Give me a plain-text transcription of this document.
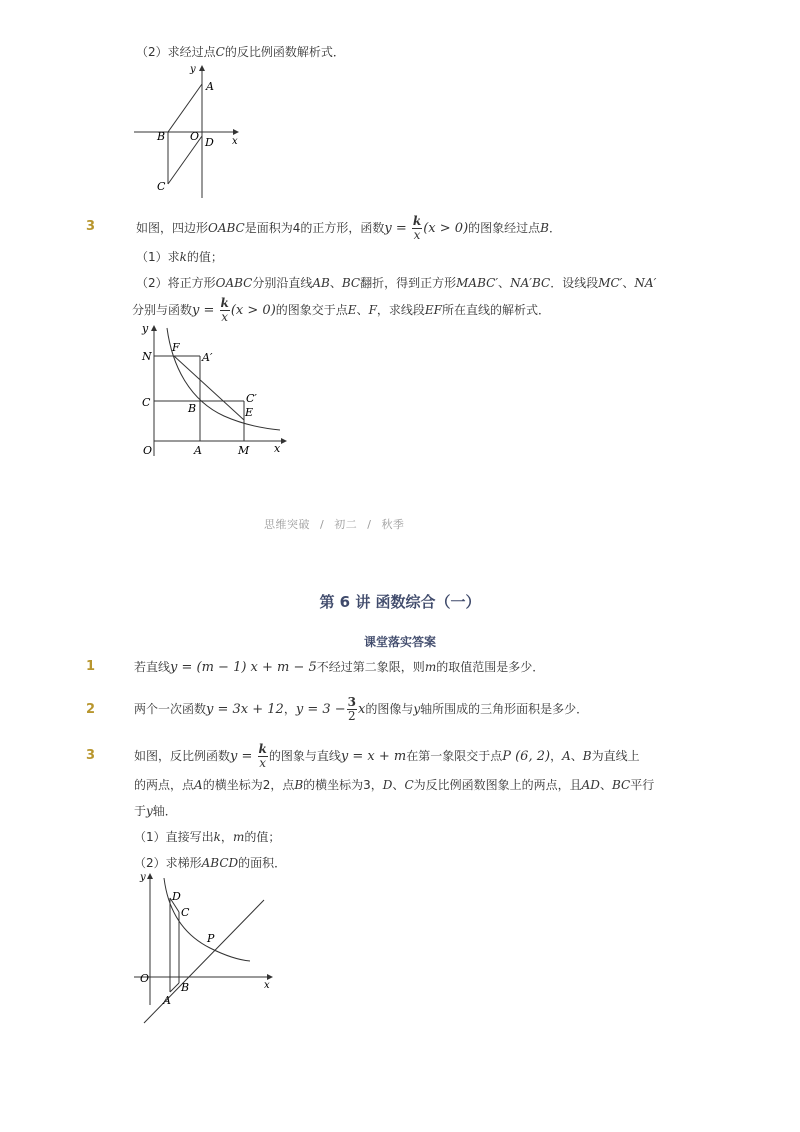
（2）求经过点C的反比例函数解析式．
y
A
B O D x
C
3	如图，四边形OABC是面积为4的正方形，函数$y = \frac{k}{x} (x > 0)$的图象经过点B．
（1）求k的值；
（2）将正方形OABC分别沿直线AB、BC翻折，得到正方形MABC′、NA′BC．设线段MC′、NA′
分别与函数$y = \frac{k}{x} (x > 0)$的图象交于点E、F，求线段EF所在直线的解析式．
y
N
F
A′
C	B
C′
E
O	A	M x
思维突破 / 初二 / 秋季
第 6 讲 函数综合（一）
课堂落实答案
1	若直线y = (m − 1) x + m − 5不经过第二象限，则m的取值范围是多少．
2	两个一次函数y = 3x + 12，$y = 3 - \frac{3}{2}$ x的图像与y轴所围成的三角形面积是多少．
3	如图，反比例函数$y = \frac{k}{x}$ 的图象与直线y = x + m在第一象限交于点P (6, 2)，A、B为直线上
的两点，点A的横坐标为2，点B的横坐标为3，D、C为反比例函数图象上的两点，且AD、BC平行
于y轴．
（1）直接写出k，m的值；
（2）求梯形ABCD的面积．
y
D
C
P
O
B
A
x
